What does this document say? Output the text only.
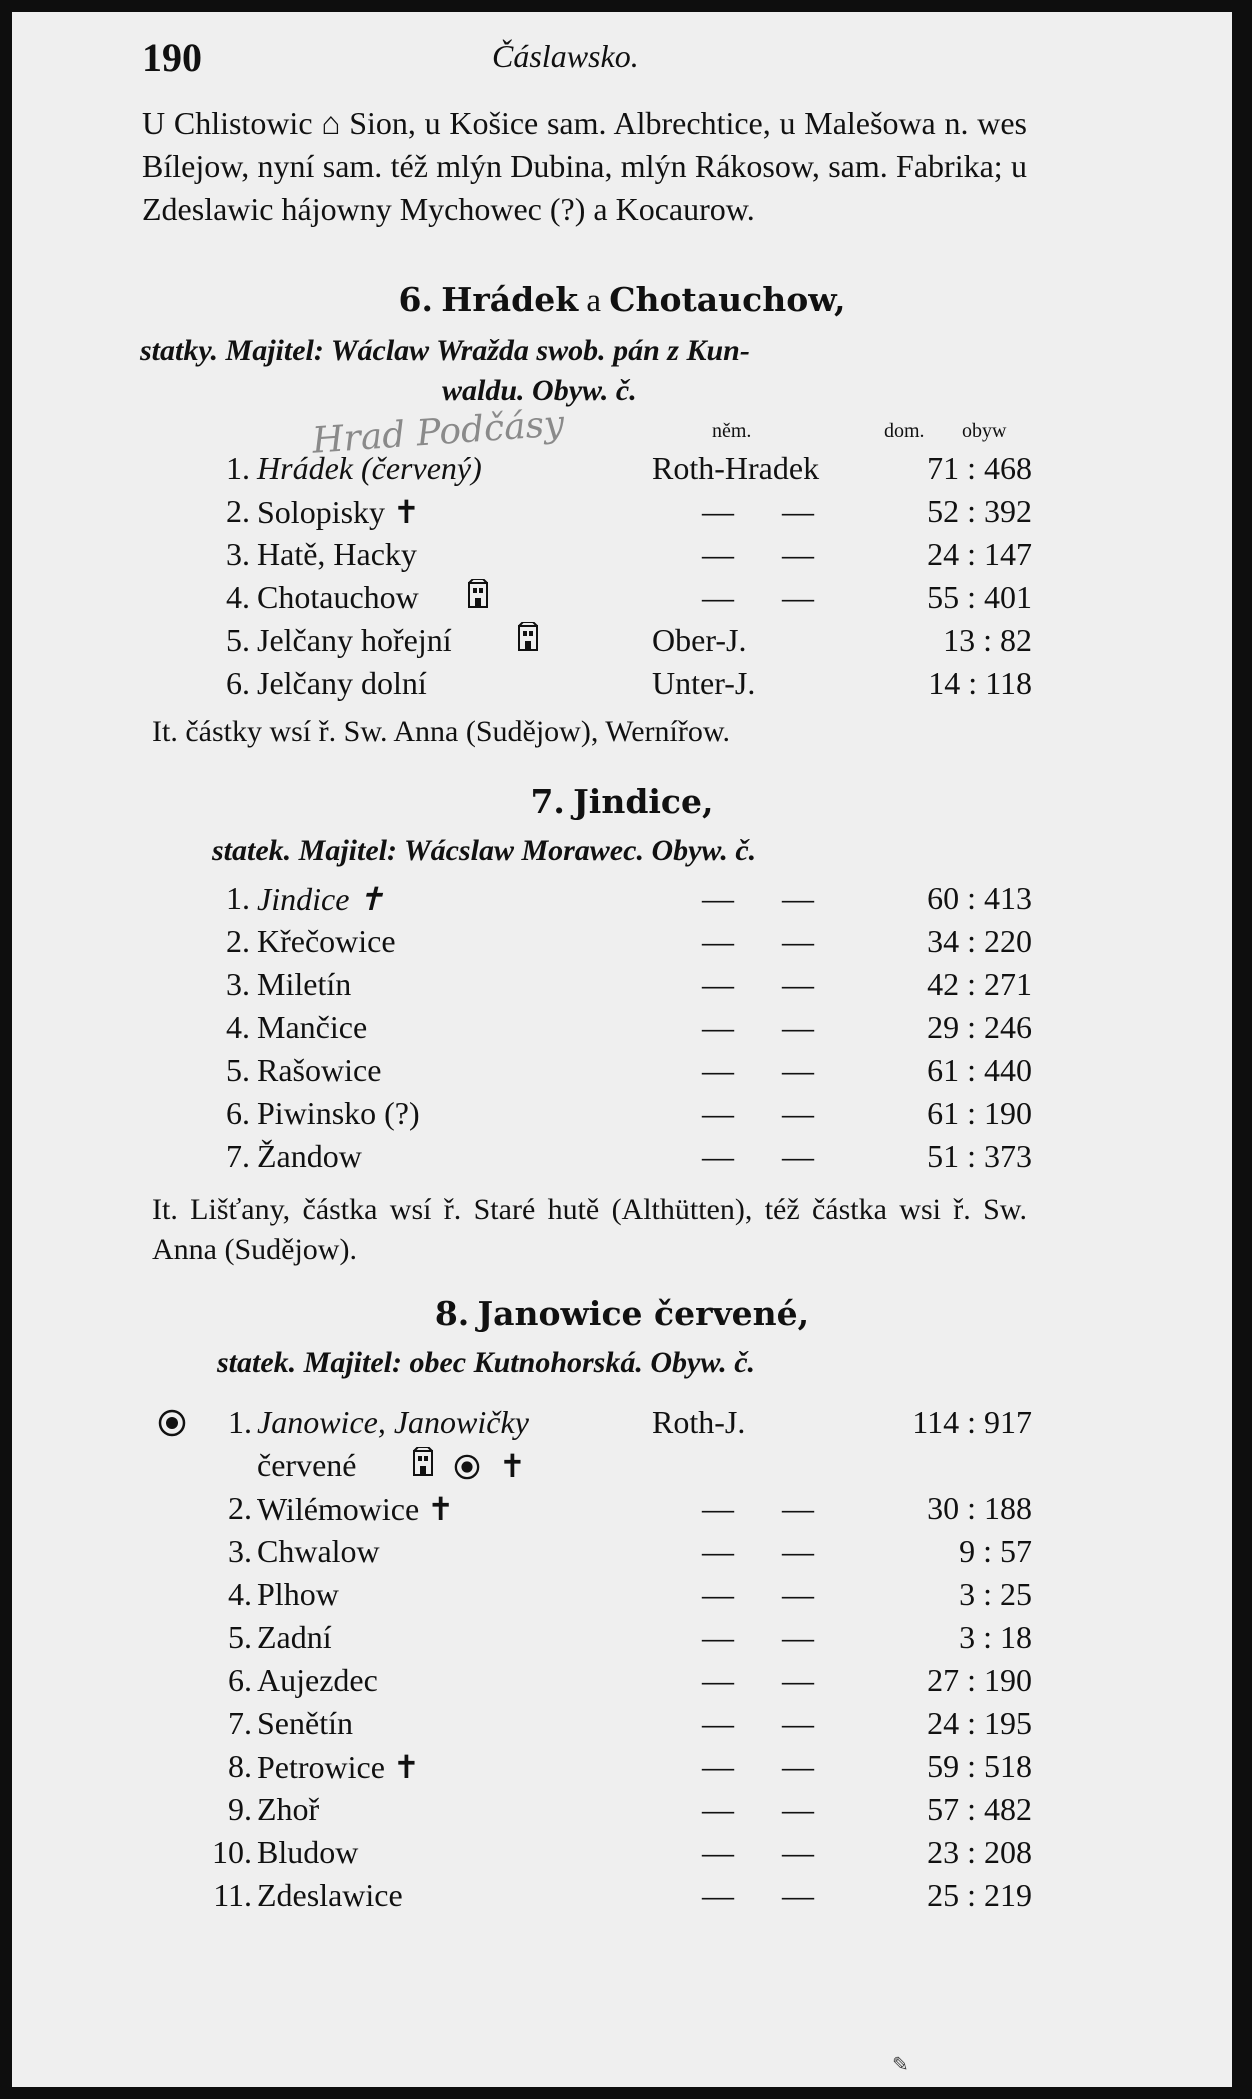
190	Čáslawsko.
U Chlistowic ⌂ Sion, u Košice sam. Albrechtice, u Malešowa n. wes Bílejow, nyní sam. též mlýn Dubina, mlýn Rákosow, sam. Fabrika; u Zdeslawic hájowny Mychowec (?) a Kocaurow.
6. Hrádek a Chotauchow,
statky. Majitel: Wáclaw Wražda swob. pán z Kun-
waldu. Obyw. č.
Hrad Podčásy	něm.	dom. obyw
1. Hrádek (červený)	Roth-Hradek	71 : 468
2. Solopisky ✝	— —	52 : 392
3. Hatě, Hacky	— —	24 : 147
4. Chotauchow	— —	55 : 401
5. Jelčany hořejní	Ober-J.	13 : 82
6. Jelčany dolní	Unter-J.	14 : 118
It. částky wsí ř. Sw. Anna (Sudějow), Wernířow.
7. Jindice,
statek. Majitel: Wácslaw Morawec. Obyw. č.
1. Jindice ✝	— —	60 : 413
2. Křečowice	— —	34 : 220
3. Miletín	— —	42 : 271
4. Mančice	— —	29 : 246
5. Rašowice	— —	61 : 440
6. Piwinsko (?)	— —	61 : 190
7. Žandow	— —	51 : 373
It. Lišťany, částka wsí ř. Staré hutě (Althütten), též částka wsi ř. Sw. Anna (Sudějow).
8. Janowice červené,
statek. Majitel: obec Kutnohorská. Obyw. č.
1. Janowice, Janowičky	Roth-J.	114 : 917
červené	✝
2. Wilémowice ✝	— —	30 : 188
3. Chwalow	— —	9 : 57
4. Plhow	— —	3 : 25
5. Zadní	— —	3 : 18
6. Aujezdec	— —	27 : 190
7. Senětín	— —	24 : 195
8. Petrowice ✝	— —	59 : 518
9. Zhoř	— —	57 : 482
10. Bludow	— —	23 : 208
11. Zdeslawice	— —	25 : 219
✎
